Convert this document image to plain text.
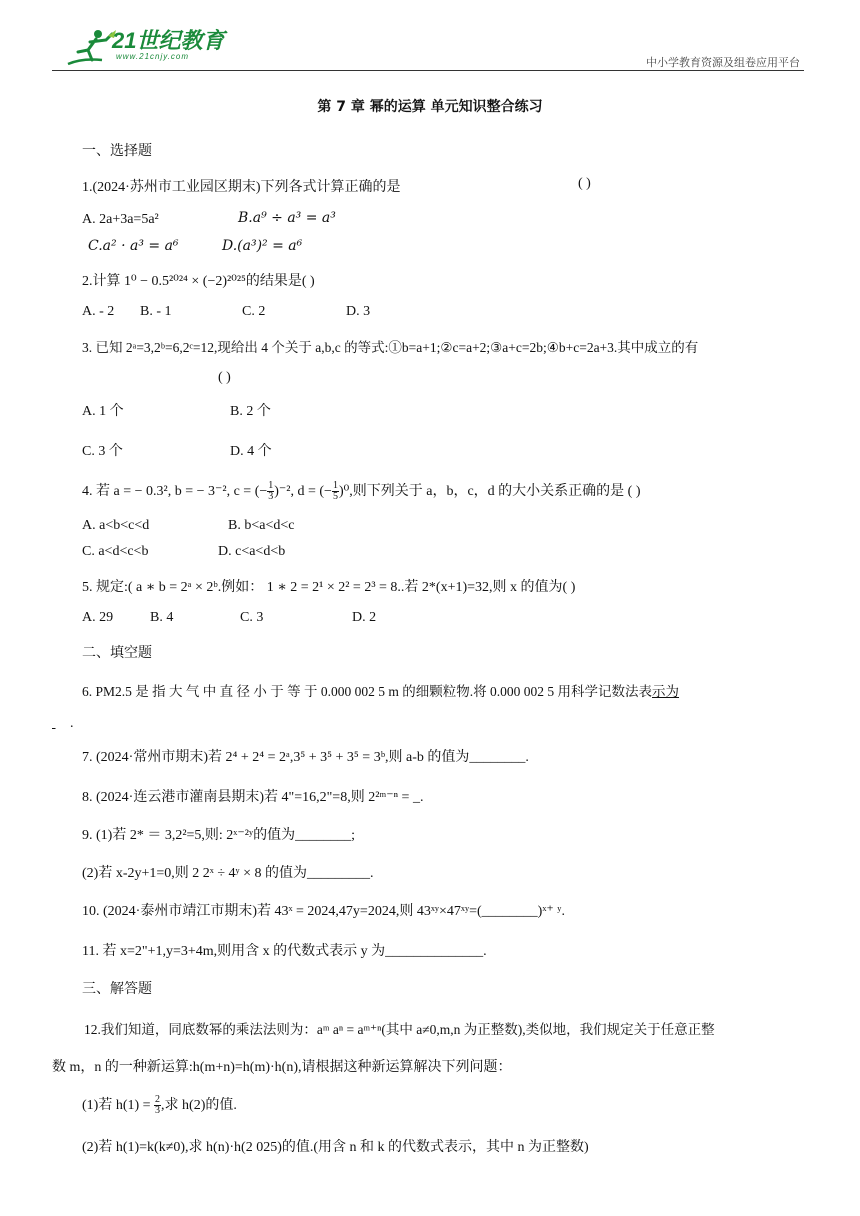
21世纪教育
www.21cnjy.com	中小学教育资源及组卷应用平台
第 7 章 幂的运算 单元知识整合练习
一、选择题
1.(2024·苏州市工业园区期末)下列各式计算正确的是	( )
A. 2a+3a=5a²	B.a⁹ ÷ a³ = a³
C.a² · a³ = a⁶	D.(a³)² = a⁶
2.计算 1⁰ − 0.5²⁰²⁴ × (−2)²⁰²⁵的结果是( )
A. - 2 B. - 1	C. 2	D. 3
3. 已知 2ᵃ=3,2ᵇ=6,2ᶜ=12,现给出 4 个关于 a,b,c 的等式:①b=a+1;②c=a+2;③a+c=2b;④b+c=2a+3.其中成立的有
( )
A. 1 个	B. 2 个
C. 3 个	D. 4 个
4. 若 a = − 0.3², b = − 3⁻², c = (− $\frac{1}{3} )^{-2}$, d = (− $\frac{1}{5} )^0$,则下列关于 a，b，c，d 的大小关系正确的是 ( )
A. a<b<c<d	B. b<a<d<c
C. a<d<c<b	D. c<a<d<b
5. 规定:( a ∗ b = 2ᵃ × 2ᵇ.例如： 1 ∗ 2 = 2¹ × 2² = 2³ = 8..若 2*(x+1)=32,则 x 的值为( )
A. 29	B. 4	C. 3	D. 2
二、填空题
6. PM2.5 是 指 大 气 中 直 径 小 于 等 于 0.000 002 5 m 的细颗粒物.将 0.000 002 5 用科学记数法表示为
.
7. (2024·常州市期末)若 2⁴ + 2⁴ = 2ᵃ,3⁵ + 3⁵ + 3⁵ = 3ᵇ,则 a-b 的值为________.
8. (2024·连云港市灌南县期末)若 4"=16,2"=8,则 2²ᵐ⁻ⁿ = _.
9. (1)若 2* ＝ 3,2²=5,则: 2ˣ⁻²ʸ的值为________;
(2)若 x-2y+1=0,则 2 2ˣ ÷ 4ʸ × 8 的值为_________.
10. (2024·泰州市靖江市期末)若 43ˣ = 2024,47y=2024,则 43ˣʸ×47ˣʸ=(________)ˣ⁺ ʸ.
11. 若 x=2"+1,y=3+4m,则用含 x 的代数式表示 y 为______________.
三、解答题
12.我们知道，同底数幂的乘法法则为：aᵐ aⁿ = aᵐ⁺ⁿ(其中 a≠0,m,n 为正整数),类似地，我们规定关于任意正整
数 m，n 的一种新运算:h(m+n)=h(m)·h(n),请根据这种新运算解决下列问题：
(1)若 $h(1) = \frac{2}{3}$ ,求 h(2)的值.
(2)若 h(1)=k(k≠0),求 h(n)·h(2 025)的值.(用含 n 和 k 的代数式表示，其中 n 为正整数)
